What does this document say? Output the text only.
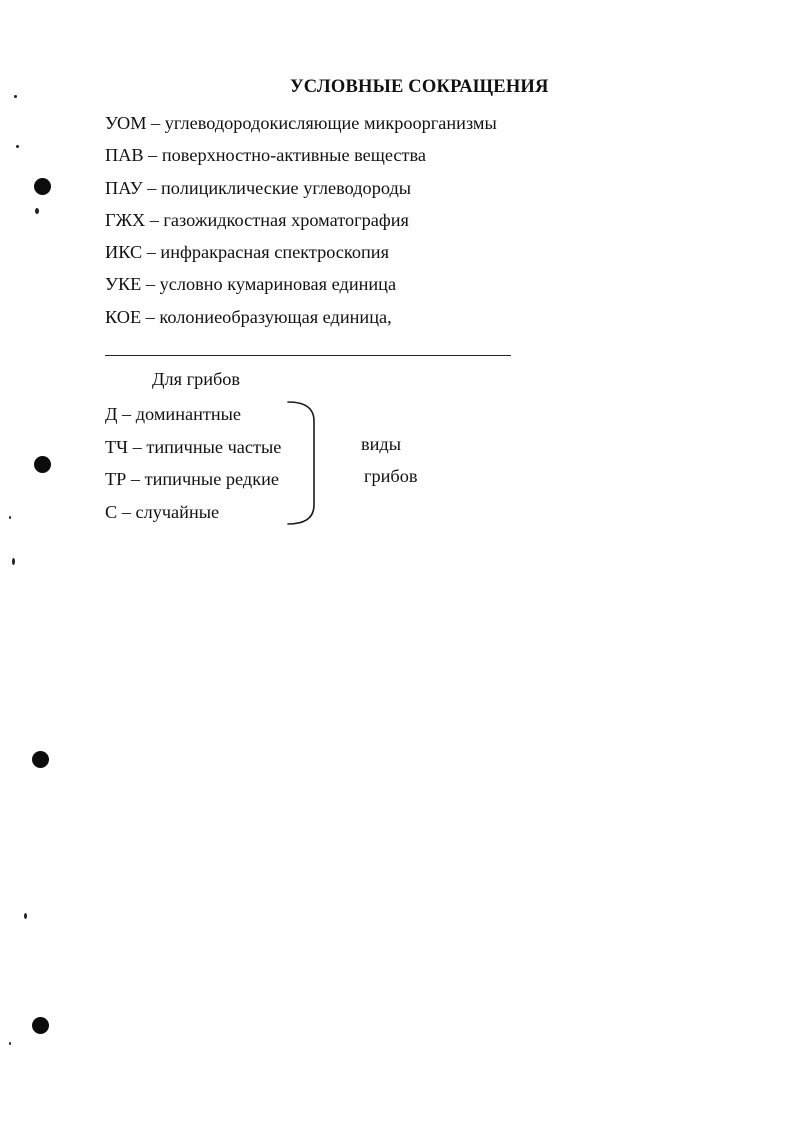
УСЛОВНЫЕ СОКРАЩЕНИЯ
УОМ – углеводородокисляющие микроорганизмы
ПАВ – поверхностно-активные вещества
ПАУ – полициклические углеводороды
ГЖХ – газожидкостная хроматография
ИКС – инфракрасная спектроскопия
УКЕ – условно кумариновая единица
КОЕ – колониеобразующая единица,
Для грибов
Д – доминантные
ТЧ – типичные частые
ТР – типичные редкие
С – случайные
виды
грибов
